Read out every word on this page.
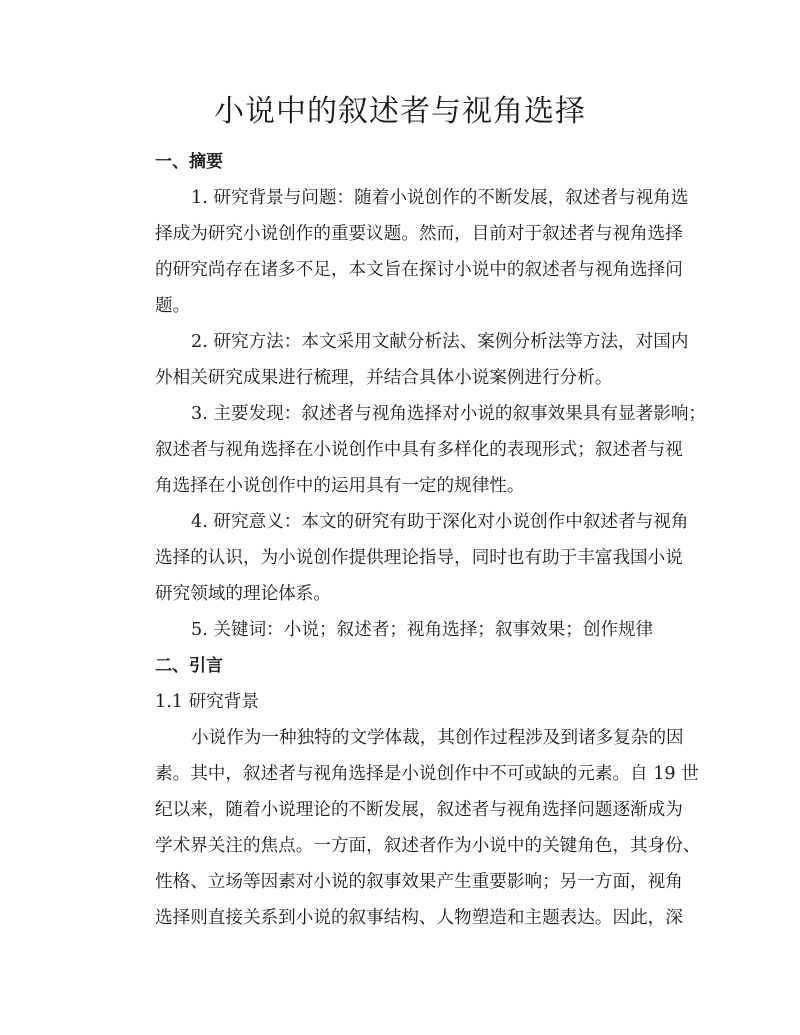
小说中的叙述者与视角选择

一、摘要

1. 研究背景与问题：随着小说创作的不断发展，叙述者与视角选
择成为研究小说创作的重要议题。然而，目前对于叙述者与视角选择
的研究尚存在诸多不足，本文旨在探讨小说中的叙述者与视角选择问
题。
2. 研究方法：本文采用文献分析法、案例分析法等方法，对国内
外相关研究成果进行梳理，并结合具体小说案例进行分析。
3. 主要发现：叙述者与视角选择对小说的叙事效果具有显著影响；
叙述者与视角选择在小说创作中具有多样化的表现形式；叙述者与视
角选择在小说创作中的运用具有一定的规律性。
4. 研究意义：本文的研究有助于深化对小说创作中叙述者与视角
选择的认识，为小说创作提供理论指导，同时也有助于丰富我国小说
研究领域的理论体系。
5. 关键词：小说；叙述者；视角选择；叙事效果；创作规律

二、引言

1.1 研究背景

小说作为一种独特的文学体裁，其创作过程涉及到诸多复杂的因
素。其中，叙述者与视角选择是小说创作中不可或缺的元素。自 19 世
纪以来，随着小说理论的不断发展，叙述者与视角选择问题逐渐成为
学术界关注的焦点。一方面，叙述者作为小说中的关键角色，其身份、
性格、立场等因素对小说的叙事效果产生重要影响；另一方面，视角
选择则直接关系到小说的叙事结构、人物塑造和主题表达。因此，深
